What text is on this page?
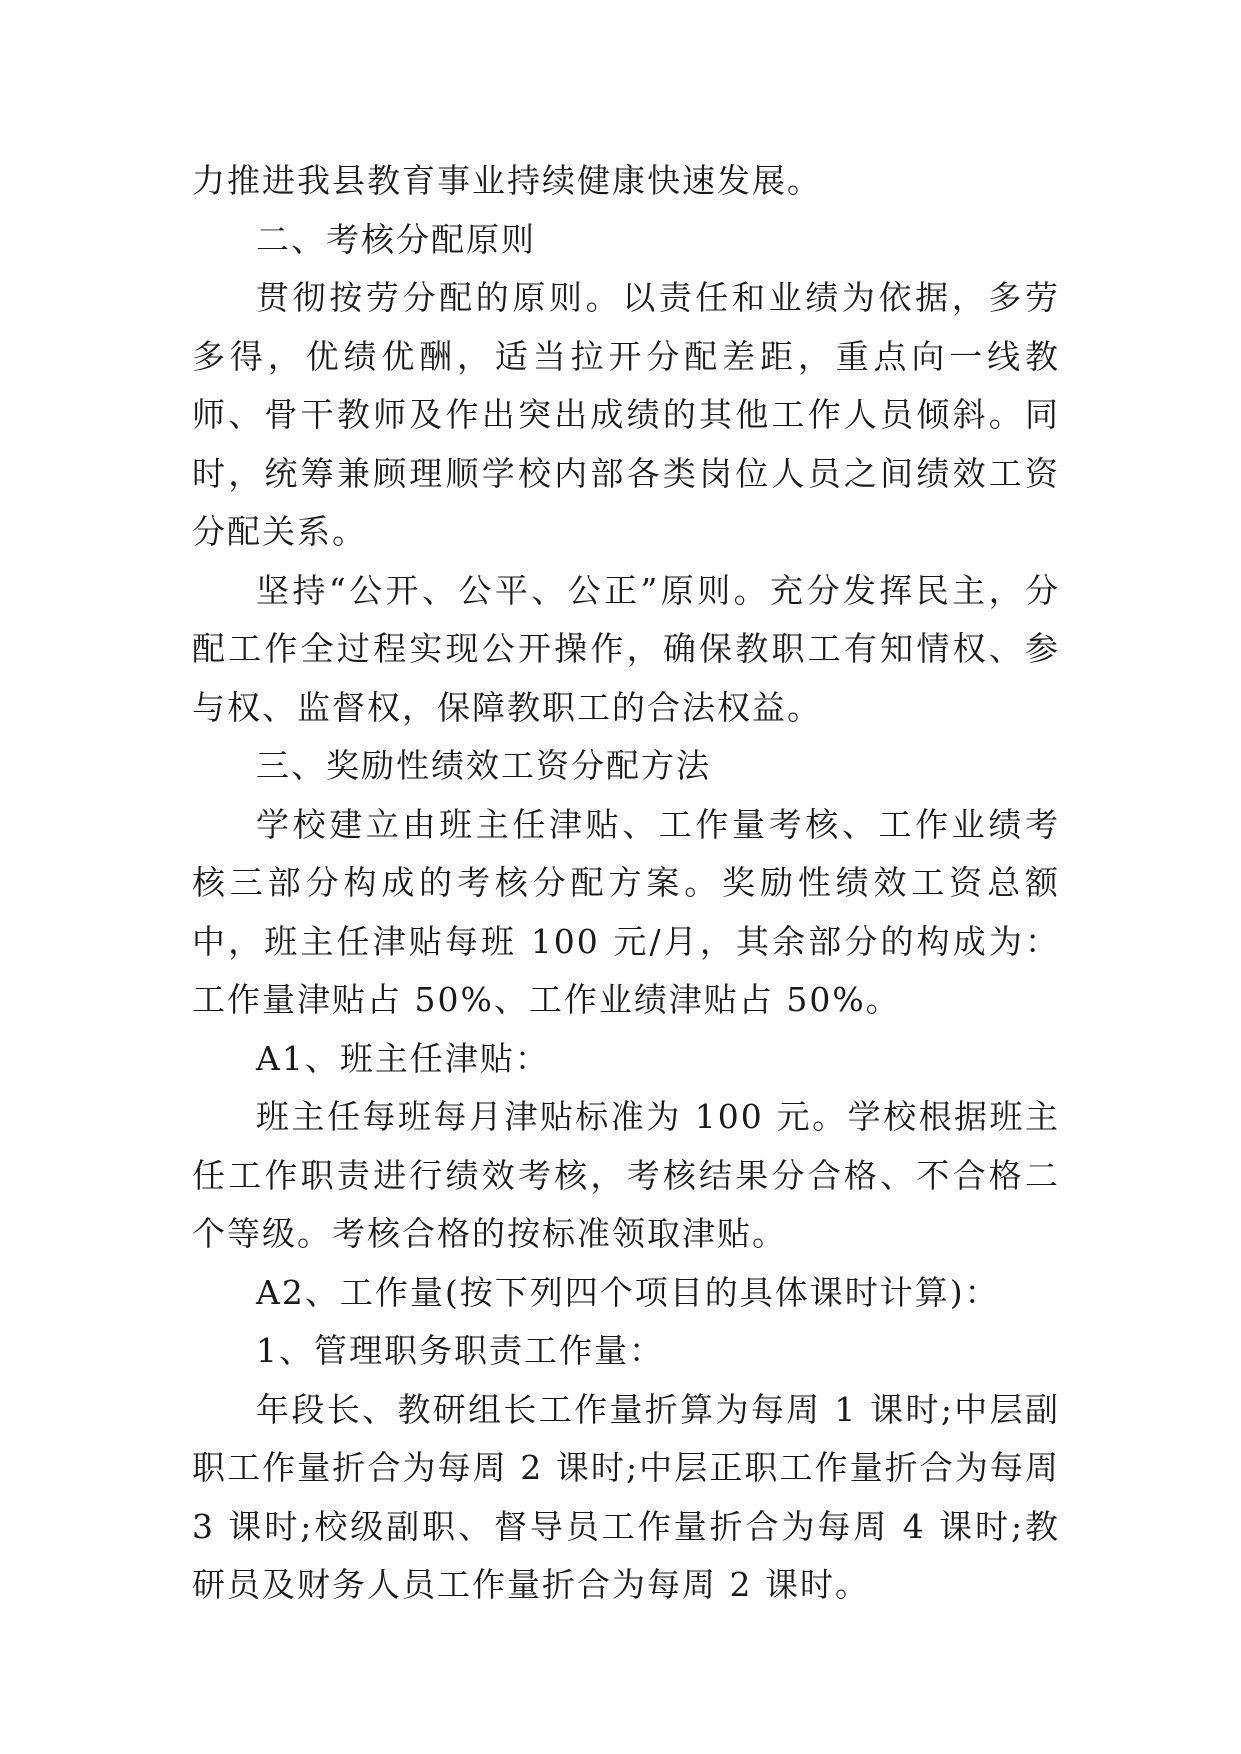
力推进我县教育事业持续健康快速发展。

二、考核分配原则

贯彻按劳分配的原则。以责任和业绩为依据，多劳多得，优绩优酬，适当拉开分配差距，重点向一线教师、骨干教师及作出突出成绩的其他工作人员倾斜。同时，统筹兼顾理顺学校内部各类岗位人员之间绩效工资分配关系。

坚持“公开、公平、公正”原则。充分发挥民主，分配工作全过程实现公开操作，确保教职工有知情权、参与权、监督权，保障教职工的合法权益。

三、奖励性绩效工资分配方法

学校建立由班主任津贴、工作量考核、工作业绩考核三部分构成的考核分配方案。奖励性绩效工资总额中，班主任津贴每班 100 元/月，其余部分的构成为：工作量津贴占 50%、工作业绩津贴占 50%。

A1、班主任津贴：

班主任每班每月津贴标准为 100 元。学校根据班主任工作职责进行绩效考核，考核结果分合格、不合格二个等级。考核合格的按标准领取津贴。

A2、工作量(按下列四个项目的具体课时计算)：

1、管理职务职责工作量：

年段长、教研组长工作量折算为每周 1 课时;中层副职工作量折合为每周 2 课时;中层正职工作量折合为每周 3 课时;校级副职、督导员工作量折合为每周 4 课时;教研员及财务人员工作量折合为每周 2 课时。
